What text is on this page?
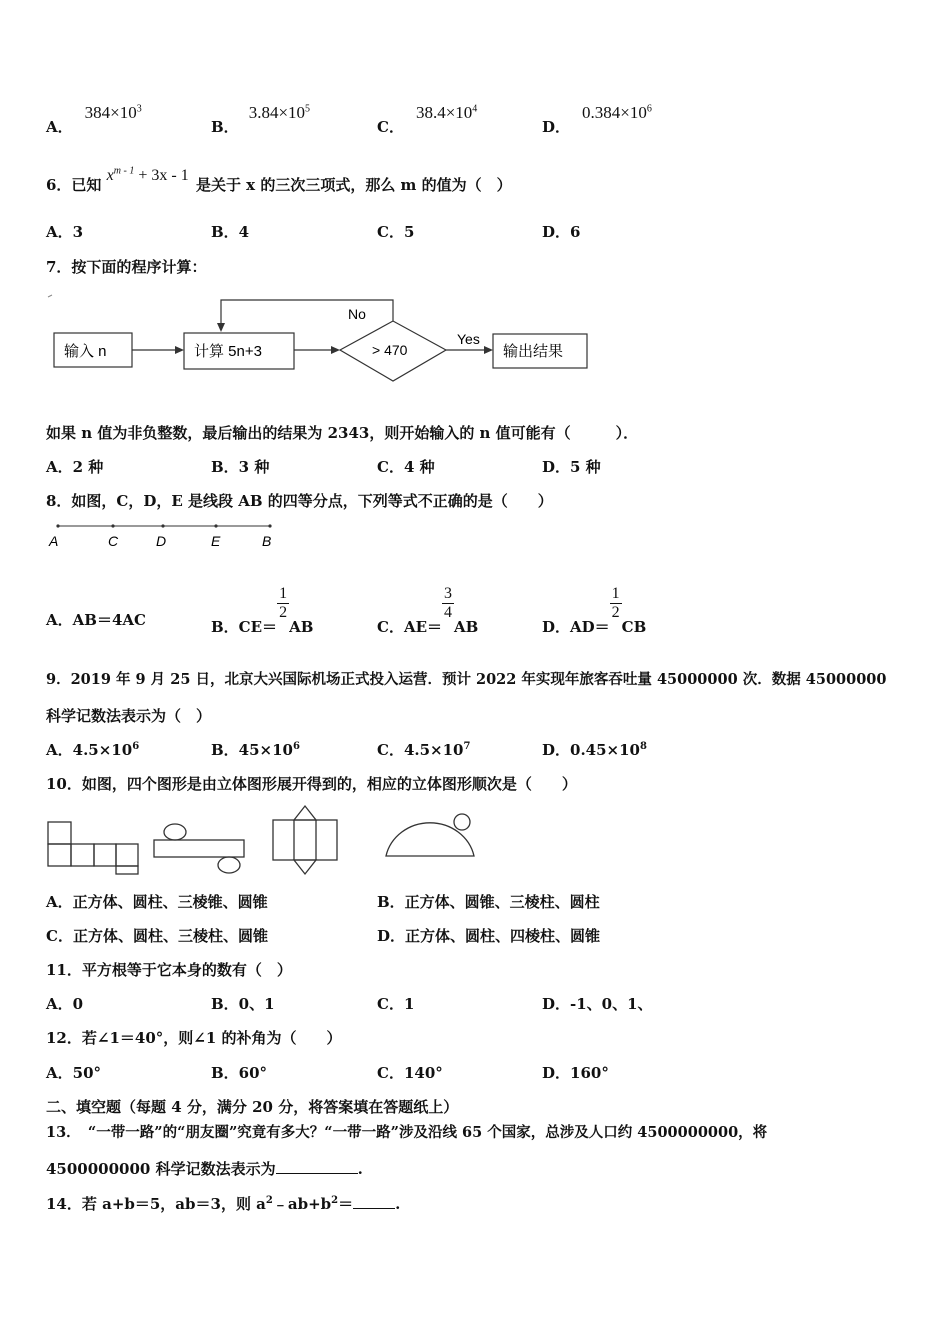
A．$384\times 10^3$
B．$3.84\times 10^5$
C．$38.4\times 10^4$
D．$0.384\times 10^6$
6．已知 $x^{m - 1} + 3x - 1$ 是关于 x 的三次三项式，那么 m 的值为（　）
A．3	B．4	C．5	D．6
7．按下面的程序计算：
输入 n	计算 5n+3	> 470
No
Yes
输出结果
如果 n 值为非负整数，最后输出的结果为 2343，则开始输入的 n 值可能有（　　　）．
A．2 种	B．3 种	C．4 种	D．5 种
8．如图，C，D，E 是线段 AB 的四等分点，下列等式不正确的是（　　）
A	C	D	E	B
A．AB＝4AC	B．CE＝
$\frac{1}{2}$
AB	C．AE＝
$\frac{3}{4}$
AB	D．AD＝
$\frac{1}{2}$
CB
9．2019 年 9 月 25 日，北京大兴国际机场正式投入运营．预计 2022 年实现年旅客吞吐量 45000000 次．数据 45000000
科学记数法表示为（　）
A．$4.5\times 10^6$	B．$45\times 10^6$	C．$4.5\times 10^7$	D．$0.45\times 10^8$
10．如图，四个图形是由立体图形展开得到的，相应的立体图形顺次是（　　）
A．正方体、圆柱、三棱锥、圆锥	B．正方体、圆锥、三棱柱、圆柱
C．正方体、圆柱、三棱柱、圆锥	D．正方体、圆柱、四棱柱、圆锥
11．平方根等于它本身的数有（　）
A．0	B．0、1	C．1	D．-1、0、1、
12．若∠1＝40°，则∠1 的补角为（　　）
A．50°	B．60°	C．140°	D．160°
二、填空题（每题 4 分，满分 20 分，将答案填在答题纸上）
13．　“一带一路”的“朋友圈”究竟有多大？“一带一路”涉及沿线 65 个国家，总涉及人口约 4500000000，将
4500000000 科学记数法表示为	.
14．若 a+b＝5，ab＝3，则 $a^2﹣ab+b^2=$	.
